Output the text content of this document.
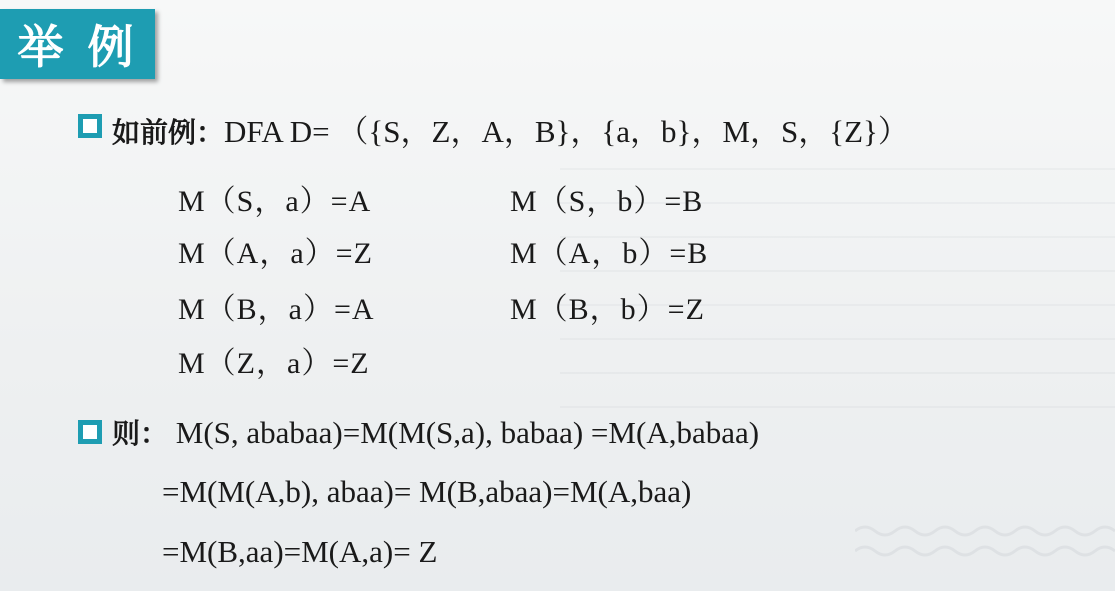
举 例
如前例：DFA D= （{S，Z，A，B}，{a，b}，M，S，{Z}）
M（S，a）=A	M（S，b）=B
M（A，a）=Z	M（A，b）=B
M（B，a）=A	M（B，b）=Z
M（Z，a）=Z
则： M(S, ababaa)=M(M(S,a), babaa) =M(A,babaa)
=M(M(A,b), abaa)= M(B,abaa)=M(A,baa)
=M(B,aa)=M(A,a)= Z
